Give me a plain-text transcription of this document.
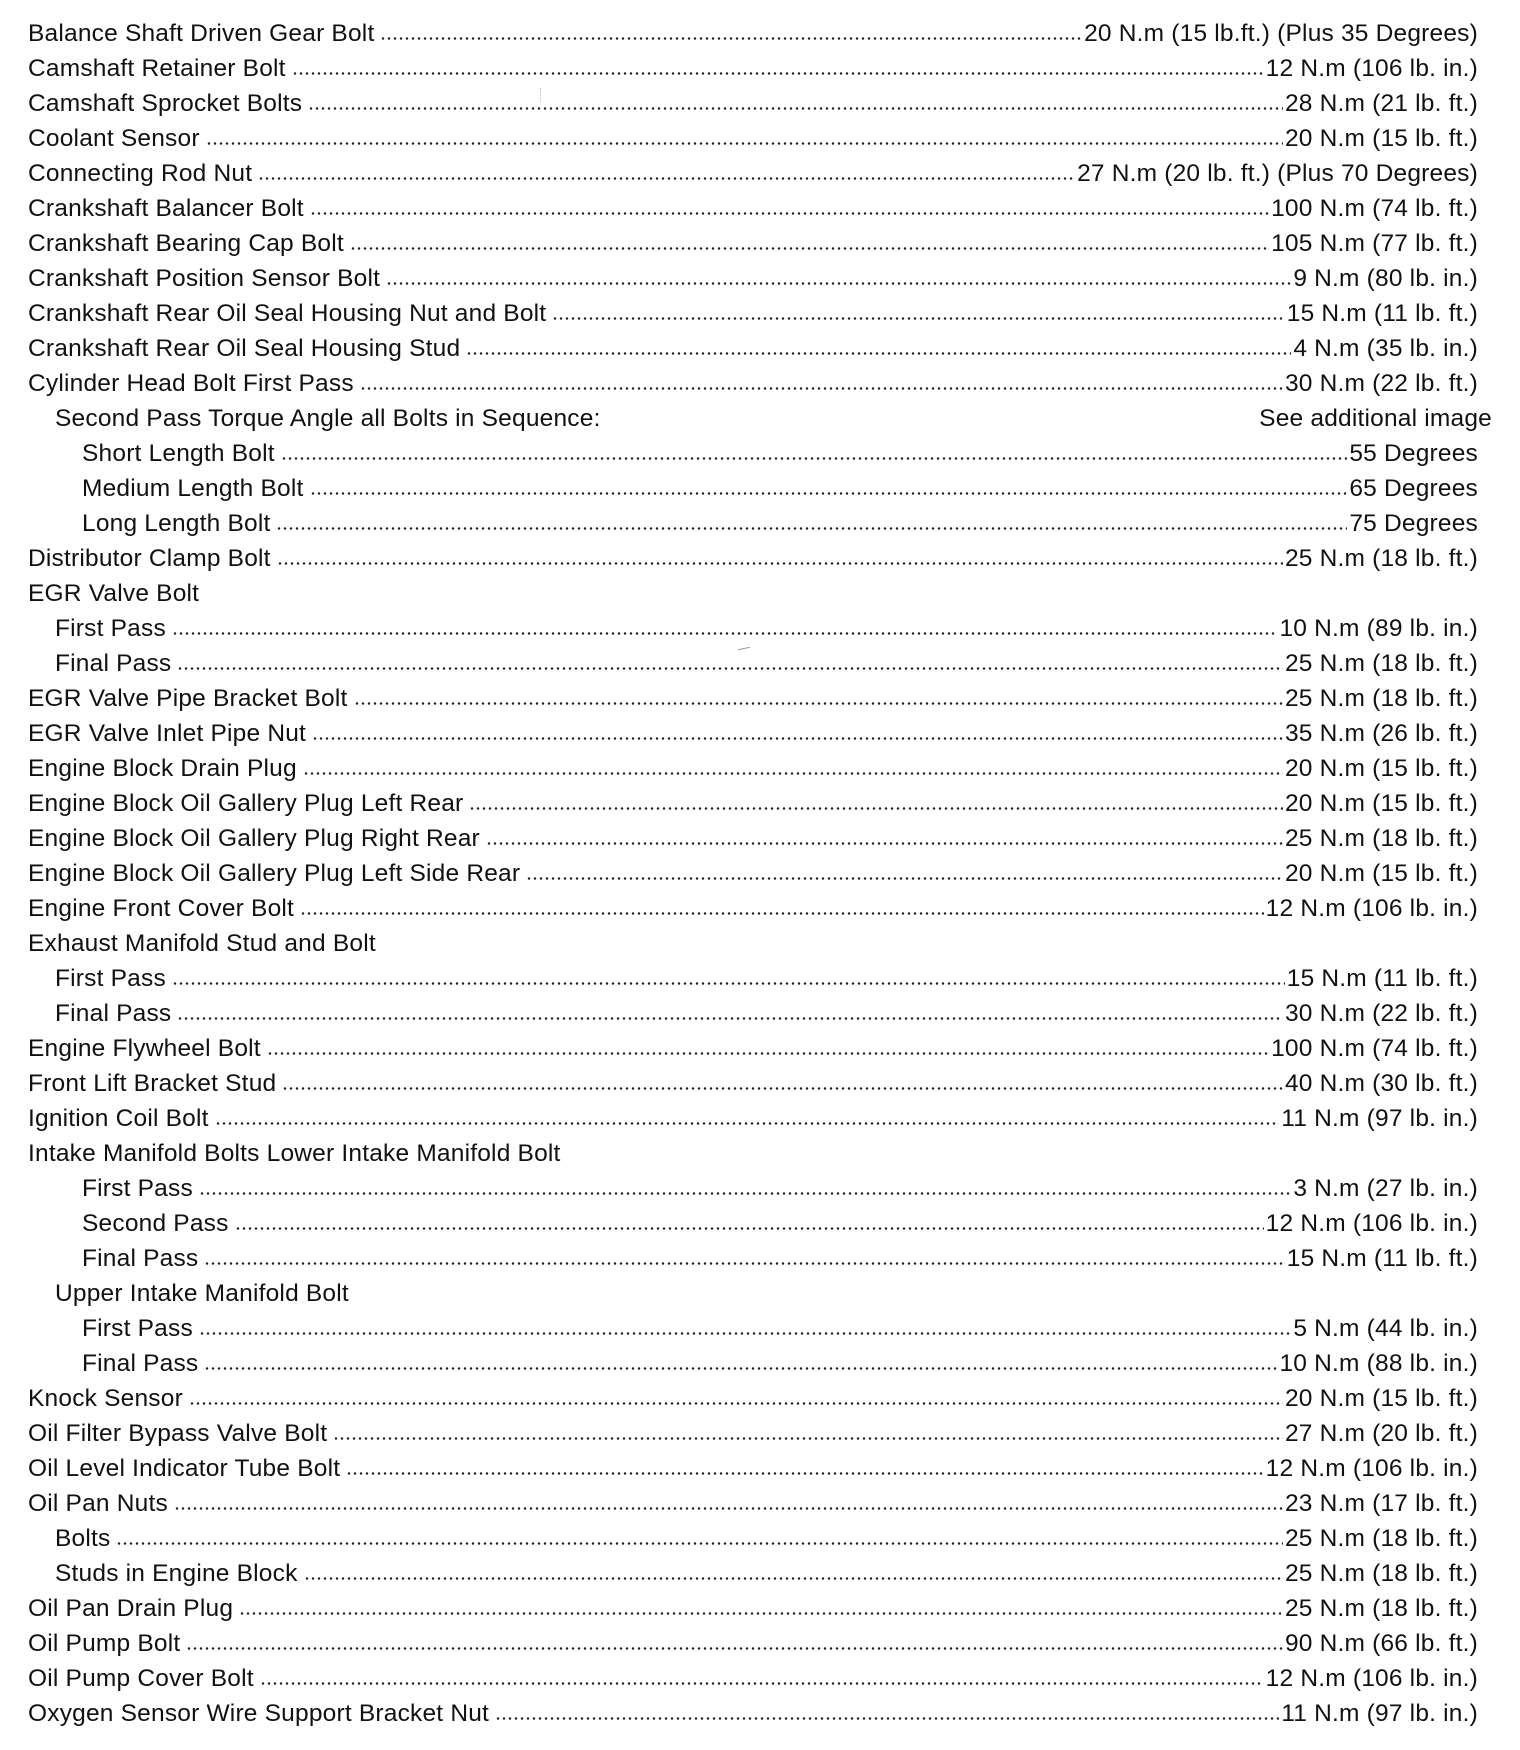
Balance Shaft Driven Gear Bolt	20 N.m (15 lb.ft.) (Plus 35 Degrees)
Camshaft Retainer Bolt	12 N.m (106 lb. in.)
Camshaft Sprocket Bolts	28 N.m (21 lb. ft.)
Coolant Sensor	20 N.m (15 lb. ft.)
Connecting Rod Nut	27 N.m (20 lb. ft.) (Plus 70 Degrees)
Crankshaft Balancer Bolt	100 N.m (74 lb. ft.)
Crankshaft Bearing Cap Bolt	105 N.m (77 lb. ft.)
Crankshaft Position Sensor Bolt	9 N.m (80 lb. in.)
Crankshaft Rear Oil Seal Housing Nut and Bolt	15 N.m (11 lb. ft.)
Crankshaft Rear Oil Seal Housing Stud	4 N.m (35 lb. in.)
Cylinder Head Bolt First Pass	30 N.m (22 lb. ft.)
Second Pass Torque Angle all Bolts in Sequence:	See additional image
Short Length Bolt	55 Degrees
Medium Length Bolt	65 Degrees
Long Length Bolt	75 Degrees
Distributor Clamp Bolt	25 N.m (18 lb. ft.)
EGR Valve Bolt
First Pass	10 N.m (89 lb. in.)
Final Pass	25 N.m (18 lb. ft.)
EGR Valve Pipe Bracket Bolt	25 N.m (18 lb. ft.)
EGR Valve Inlet Pipe Nut	35 N.m (26 lb. ft.)
Engine Block Drain Plug	20 N.m (15 lb. ft.)
Engine Block Oil Gallery Plug Left Rear	20 N.m (15 lb. ft.)
Engine Block Oil Gallery Plug Right Rear	25 N.m (18 lb. ft.)
Engine Block Oil Gallery Plug Left Side Rear	20 N.m (15 lb. ft.)
Engine Front Cover Bolt	12 N.m (106 lb. in.)
Exhaust Manifold Stud and Bolt
First Pass	15 N.m (11 lb. ft.)
Final Pass	30 N.m (22 lb. ft.)
Engine Flywheel Bolt	100 N.m (74 lb. ft.)
Front Lift Bracket Stud	40 N.m (30 lb. ft.)
Ignition Coil Bolt	11 N.m (97 lb. in.)
Intake Manifold Bolts Lower Intake Manifold Bolt
First Pass	3 N.m (27 lb. in.)
Second Pass	12 N.m (106 lb. in.)
Final Pass	15 N.m (11 lb. ft.)
Upper Intake Manifold Bolt
First Pass	5 N.m (44 lb. in.)
Final Pass	10 N.m (88 lb. in.)
Knock Sensor	20 N.m (15 lb. ft.)
Oil Filter Bypass Valve Bolt	27 N.m (20 lb. ft.)
Oil Level Indicator Tube Bolt	12 N.m (106 lb. in.)
Oil Pan Nuts	23 N.m (17 lb. ft.)
Bolts	25 N.m (18 lb. ft.)
Studs in Engine Block	25 N.m (18 lb. ft.)
Oil Pan Drain Plug	25 N.m (18 lb. ft.)
Oil Pump Bolt	90 N.m (66 lb. ft.)
Oil Pump Cover Bolt	12 N.m (106 lb. in.)
Oxygen Sensor Wire Support Bracket Nut	11 N.m (97 lb. in.)
